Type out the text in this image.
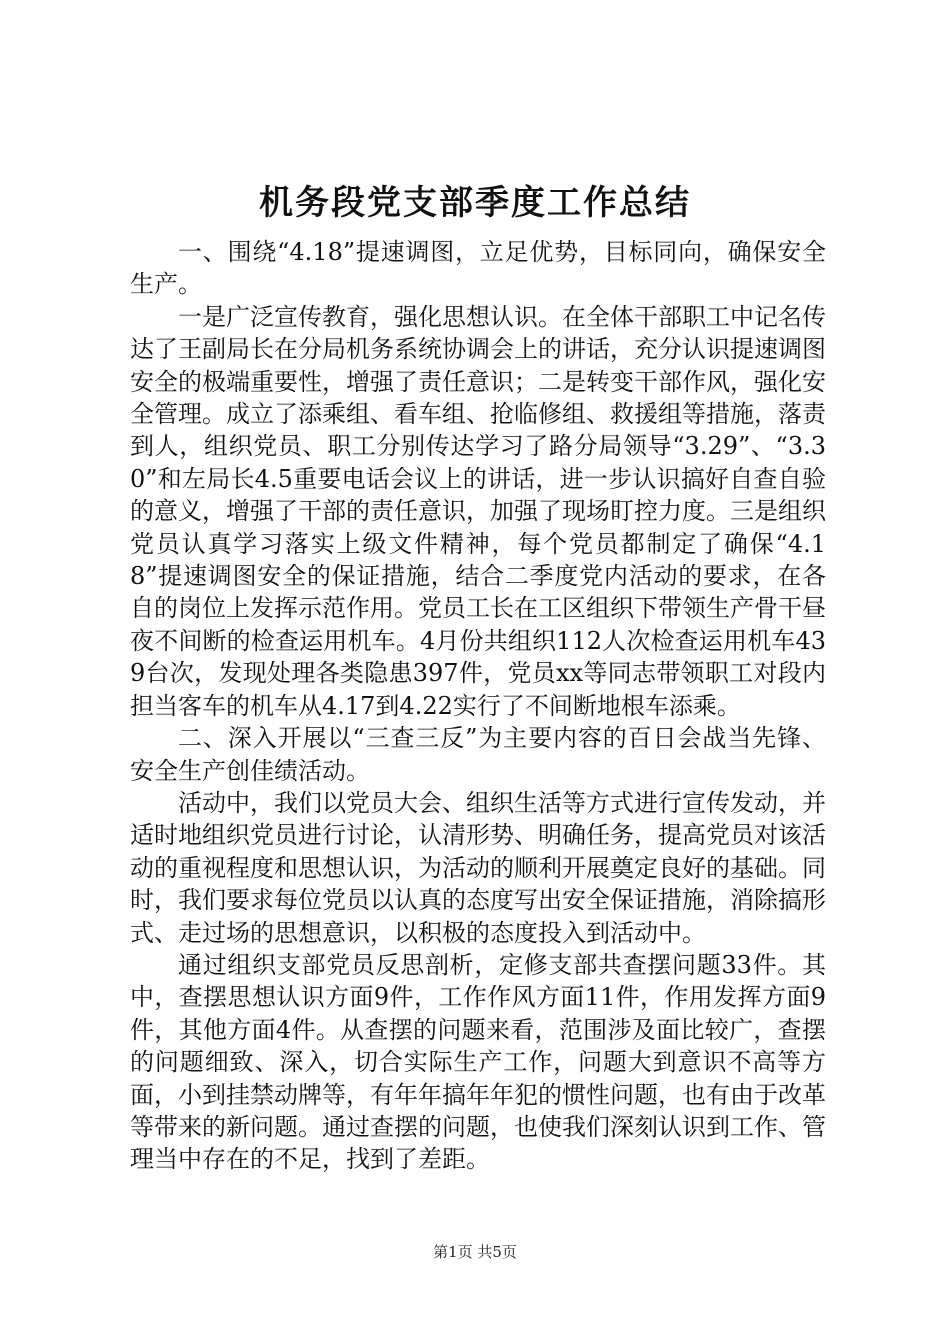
机务段党支部季度工作总结

一、围绕“4.18”提速调图，立足优势，目标同向，确保安全生产。

一是广泛宣传教育，强化思想认识。在全体干部职工中记名传达了王副局长在分局机务系统协调会上的讲话，充分认识提速调图安全的极端重要性，增强了责任意识；二是转变干部作风，强化安全管理。成立了添乘组、看车组、抢临修组、救援组等措施，落责到人，组织党员、职工分别传达学习了路分局领导“3.29”、“3.30”和左局长4.5重要电话会议上的讲话，进一步认识搞好自查自验的意义，增强了干部的责任意识，加强了现场盯控力度。三是组织党员认真学习落实上级文件精神，每个党员都制定了确保“4.18”提速调图安全的保证措施，结合二季度党内活动的要求，在各自的岗位上发挥示范作用。党员工长在工区组织下带领生产骨干昼夜不间断的检查运用机车。4月份共组织112人次检查运用机车439台次，发现处理各类隐患397件，党员xx等同志带领职工对段内担当客车的机车从4.17到4.22实行了不间断地根车添乘。

二、深入开展以“三查三反”为主要内容的百日会战当先锋、安全生产创佳绩活动。

活动中，我们以党员大会、组织生活等方式进行宣传发动，并适时地组织党员进行讨论，认清形势、明确任务，提高党员对该活动的重视程度和思想认识，为活动的顺利开展奠定良好的基础。同时，我们要求每位党员以认真的态度写出安全保证措施，消除搞形式、走过场的思想意识，以积极的态度投入到活动中。

通过组织支部党员反思剖析，定修支部共查摆问题33件。其中，查摆思想认识方面9件，工作作风方面11件，作用发挥方面9件，其他方面4件。从查摆的问题来看，范围涉及面比较广，查摆的问题细致、深入，切合实际生产工作，问题大到意识不高等方面，小到挂禁动牌等，有年年搞年年犯的惯性问题，也有由于改革等带来的新问题。通过查摆的问题，也使我们深刻认识到工作、管理当中存在的不足，找到了差距。

第1页 共5页
